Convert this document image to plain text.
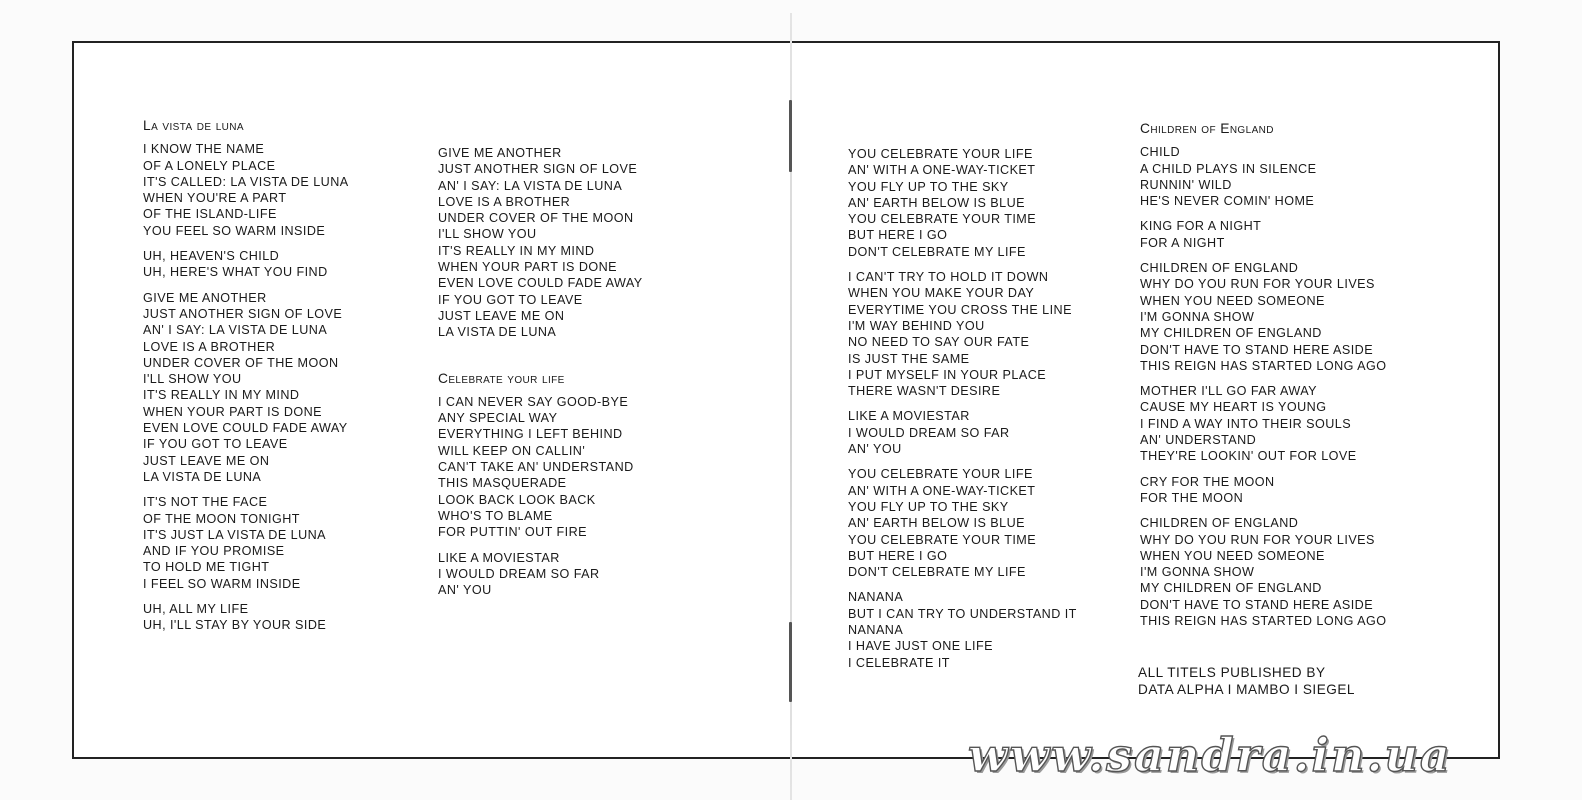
La vista de luna
I KNOW THE NAME
OF A LONELY PLACE
IT'S CALLED: LA VISTA DE LUNA
WHEN YOU'RE A PART
OF THE ISLAND-LIFE
YOU FEEL SO WARM INSIDE
UH, HEAVEN'S CHILD
UH, HERE'S WHAT YOU FIND
GIVE ME ANOTHER
JUST ANOTHER SIGN OF LOVE
AN' I SAY: LA VISTA DE LUNA
LOVE IS A BROTHER
UNDER COVER OF THE MOON
I'LL SHOW YOU
IT'S REALLY IN MY MIND
WHEN YOUR PART IS DONE
EVEN LOVE COULD FADE AWAY
IF YOU GOT TO LEAVE
JUST LEAVE ME ON
LA VISTA DE LUNA
IT'S NOT THE FACE
OF THE MOON TONIGHT
IT'S JUST LA VISTA DE LUNA
AND IF YOU PROMISE
TO HOLD ME TIGHT
I FEEL SO WARM INSIDE
UH, ALL MY LIFE
UH, I'LL STAY BY YOUR SIDE
GIVE ME ANOTHER
JUST ANOTHER SIGN OF LOVE
AN' I SAY: LA VISTA DE LUNA
LOVE IS A BROTHER
UNDER COVER OF THE MOON
I'LL SHOW YOU
IT'S REALLY IN MY MIND
WHEN YOUR PART IS DONE
EVEN LOVE COULD FADE AWAY
IF YOU GOT TO LEAVE
JUST LEAVE ME ON
LA VISTA DE LUNA
Celebrate your life
I CAN NEVER SAY GOOD-BYE
ANY SPECIAL WAY
EVERYTHING I LEFT BEHIND
WILL KEEP ON CALLIN'
CAN'T TAKE AN' UNDERSTAND
THIS MASQUERADE
LOOK BACK LOOK BACK
WHO'S TO BLAME
FOR PUTTIN' OUT FIRE
LIKE A MOVIESTAR
I WOULD DREAM SO FAR
AN' YOU
YOU CELEBRATE YOUR LIFE
AN' WITH A ONE-WAY-TICKET
YOU FLY UP TO THE SKY
AN' EARTH BELOW IS BLUE
YOU CELEBRATE YOUR TIME
BUT HERE I GO
DON'T CELEBRATE MY LIFE
I CAN'T TRY TO HOLD IT DOWN
WHEN YOU MAKE YOUR DAY
EVERYTIME YOU CROSS THE LINE
I'M WAY BEHIND YOU
NO NEED TO SAY OUR FATE
IS JUST THE SAME
I PUT MYSELF IN YOUR PLACE
THERE WASN'T DESIRE
LIKE A MOVIESTAR
I WOULD DREAM SO FAR
AN' YOU
YOU CELEBRATE YOUR LIFE
AN' WITH A ONE-WAY-TICKET
YOU FLY UP TO THE SKY
AN' EARTH BELOW IS BLUE
YOU CELEBRATE YOUR TIME
BUT HERE I GO
DON'T CELEBRATE MY LIFE
NANANA
BUT I CAN TRY TO UNDERSTAND IT
NANANA
I HAVE JUST ONE LIFE
I CELEBRATE IT
Children of England
CHILD
A CHILD PLAYS IN SILENCE
RUNNIN' WILD
HE'S NEVER COMIN' HOME
KING FOR A NIGHT
FOR A NIGHT
CHILDREN OF ENGLAND
WHY DO YOU RUN FOR YOUR LIVES
WHEN YOU NEED SOMEONE
I'M GONNA SHOW
MY CHILDREN OF ENGLAND
DON'T HAVE TO STAND HERE ASIDE
THIS REIGN HAS STARTED LONG AGO
MOTHER I'LL GO FAR AWAY
CAUSE MY HEART IS YOUNG
I FIND A WAY INTO THEIR SOULS
AN' UNDERSTAND
THEY'RE LOOKIN' OUT FOR LOVE
CRY FOR THE MOON
FOR THE MOON
CHILDREN OF ENGLAND
WHY DO YOU RUN FOR YOUR LIVES
WHEN YOU NEED SOMEONE
I'M GONNA SHOW
MY CHILDREN OF ENGLAND
DON'T HAVE TO STAND HERE ASIDE
THIS REIGN HAS STARTED LONG AGO
ALL TITELS PUBLISHED BY
DATA ALPHA I MAMBO I SIEGEL
www.sandra.in.ua
